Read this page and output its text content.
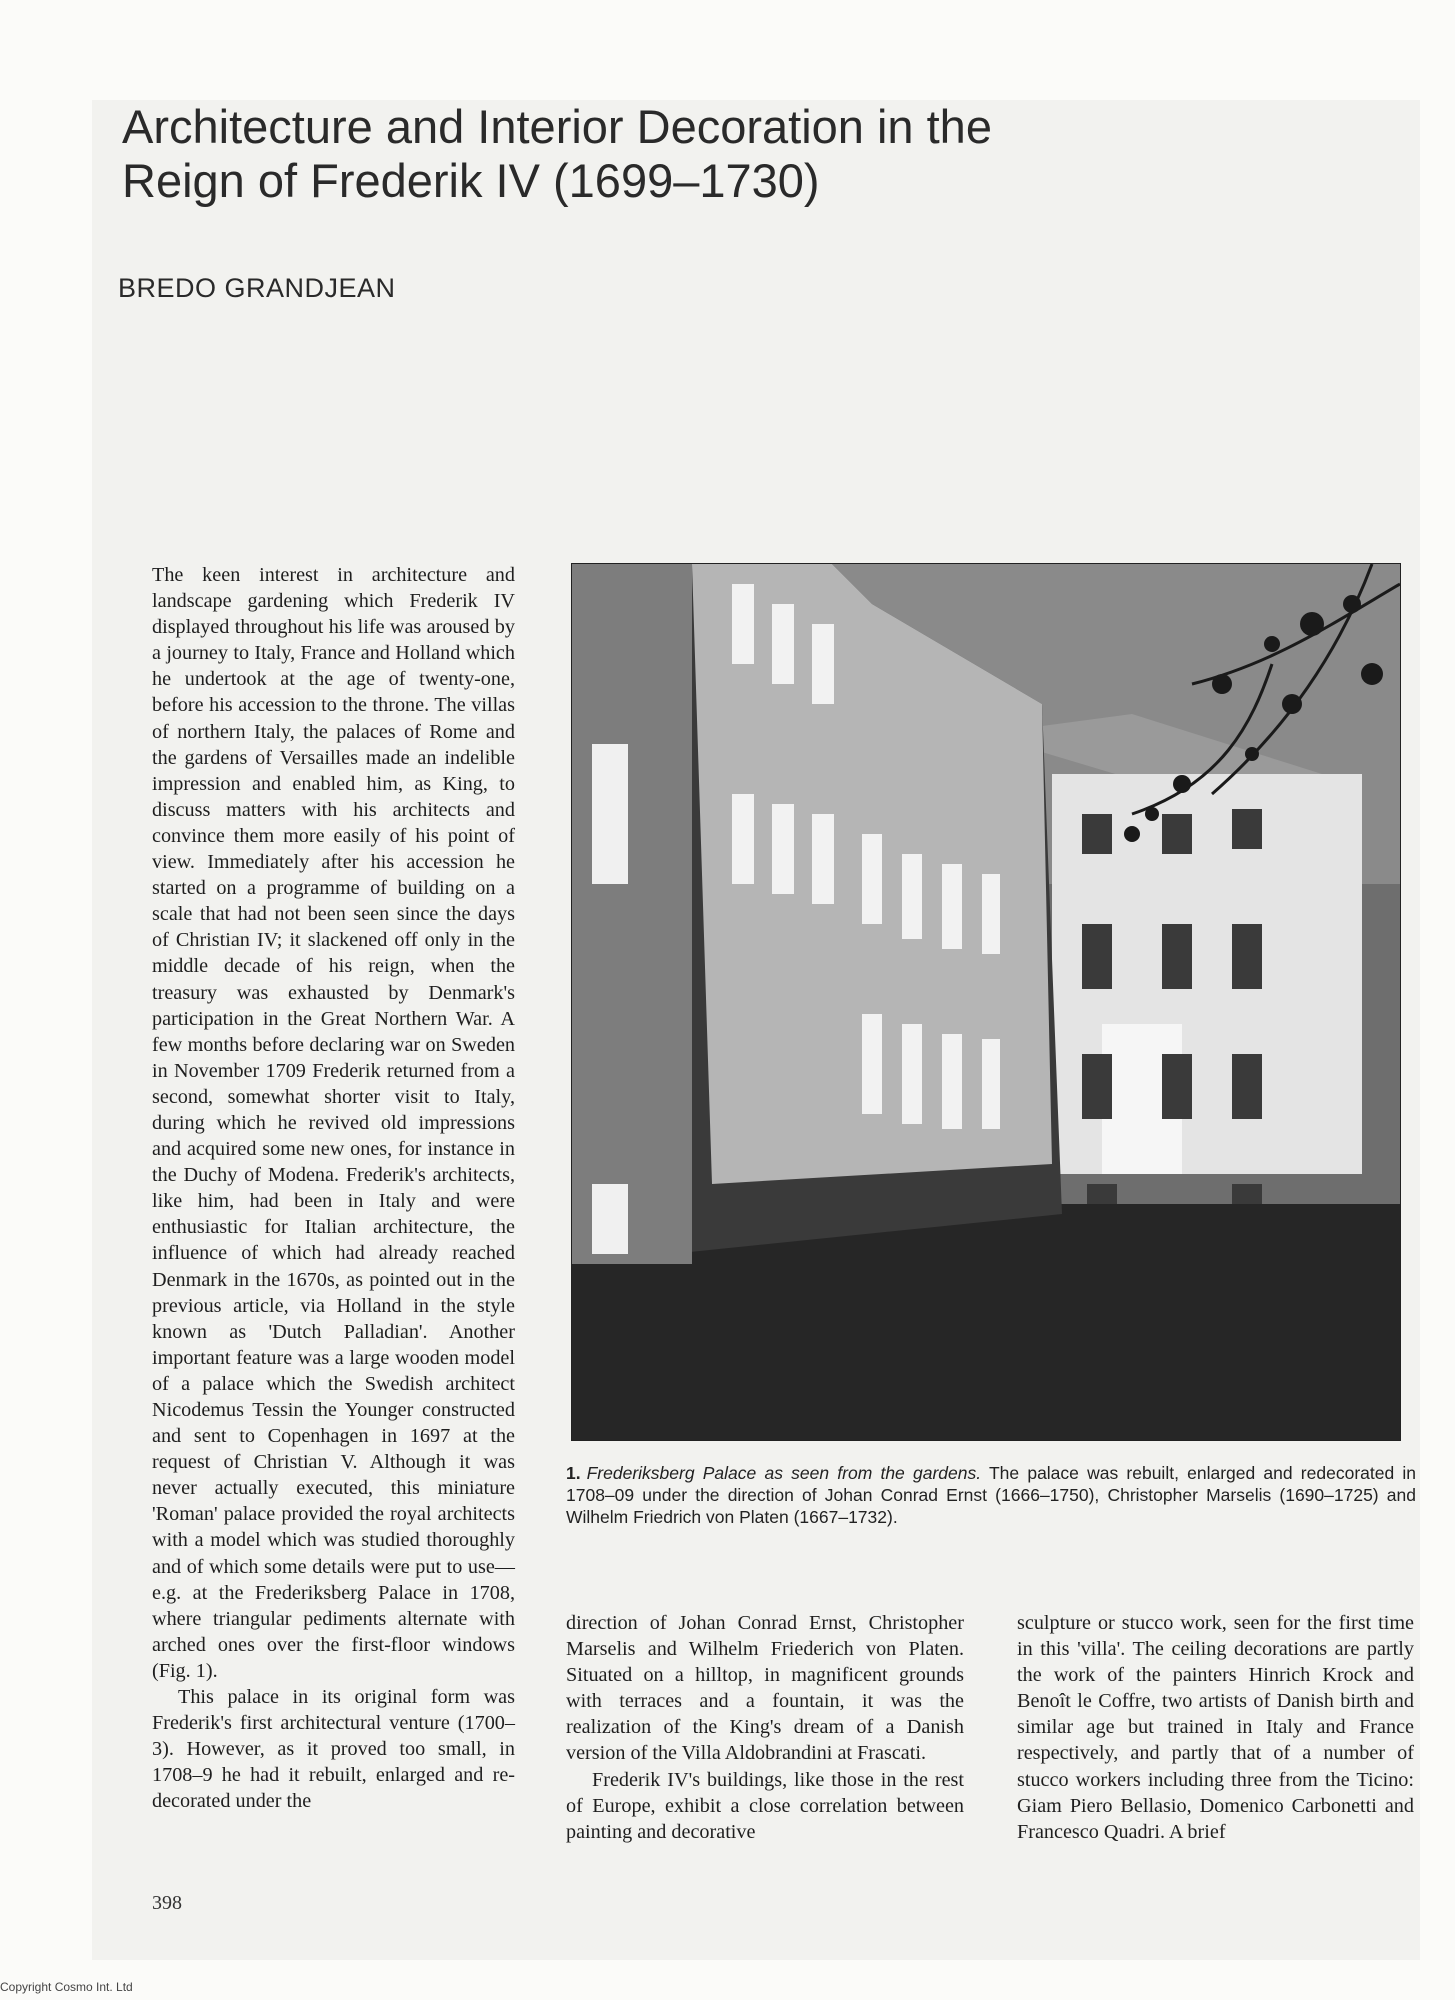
Architecture and Interior Decoration in the
Reign of Frederik IV (1699–1730)
BREDO GRANDJEAN

The keen interest in architecture and landscape gardening which Frederik IV displayed throughout his life was aroused by a journey to Italy, France and Holland which he undertook at the age of twenty-one, before his accession to the throne. The villas of northern Italy, the palaces of Rome and the gardens of Versailles made an indelible impression and enabled him, as King, to discuss matters with his architects and convince them more easily of his point of view. Immediately after his accession he started on a programme of building on a scale that had not been seen since the days of Christian IV; it slackened off only in the middle decade of his reign, when the treasury was exhausted by Denmark's participation in the Great Northern War. A few months before declaring war on Sweden in November 1709 Frederik returned from a second, somewhat shorter visit to Italy, during which he revived old impressions and acquired some new ones, for instance in the Duchy of Modena. Frederik's architects, like him, had been in Italy and were enthusiastic for Italian architecture, the influence of which had already reached Denmark in the 1670s, as pointed out in the previous article, via Holland in the style known as 'Dutch Palladian'. Another important feature was a large wooden model of a palace which the Swedish architect Nicodemus Tessin the Younger constructed and sent to Copenhagen in 1697 at the request of Christian V. Although it was never actually executed, this miniature 'Roman' palace provided the royal architects with a model which was studied thoroughly and of which some details were put to use—e.g. at the Frederiksberg Palace in 1708, where triangular pediments alternate with arched ones over the first-floor windows (Fig. 1).

This palace in its original form was Frederik's first architectural venture (1700–3). However, as it proved too small, in 1708–9 he had it rebuilt, enlarged and re-decorated under the

1. Frederiksberg Palace as seen from the gardens. The palace was rebuilt, enlarged and redecorated in 1708–09 under the direction of Johan Conrad Ernst (1666–1750), Christopher Marselis (1690–1725) and Wilhelm Friedrich von Platen (1667–1732).

direction of Johan Conrad Ernst, Christopher Marselis and Wilhelm Friederich von Platen. Situated on a hilltop, in magnificent grounds with terraces and a fountain, it was the realization of the King's dream of a Danish version of the Villa Aldobrandini at Frascati.

Frederik IV's buildings, like those in the rest of Europe, exhibit a close correlation between painting and decorative

sculpture or stucco work, seen for the first time in this 'villa'. The ceiling decorations are partly the work of the painters Hinrich Krock and Benoît le Coffre, two artists of Danish birth and similar age but trained in Italy and France respectively, and partly that of a number of stucco workers including three from the Ticino: Giam Piero Bellasio, Domenico Carbonetti and Francesco Quadri. A brief

398
Copyright Cosmo Int. Ltd
